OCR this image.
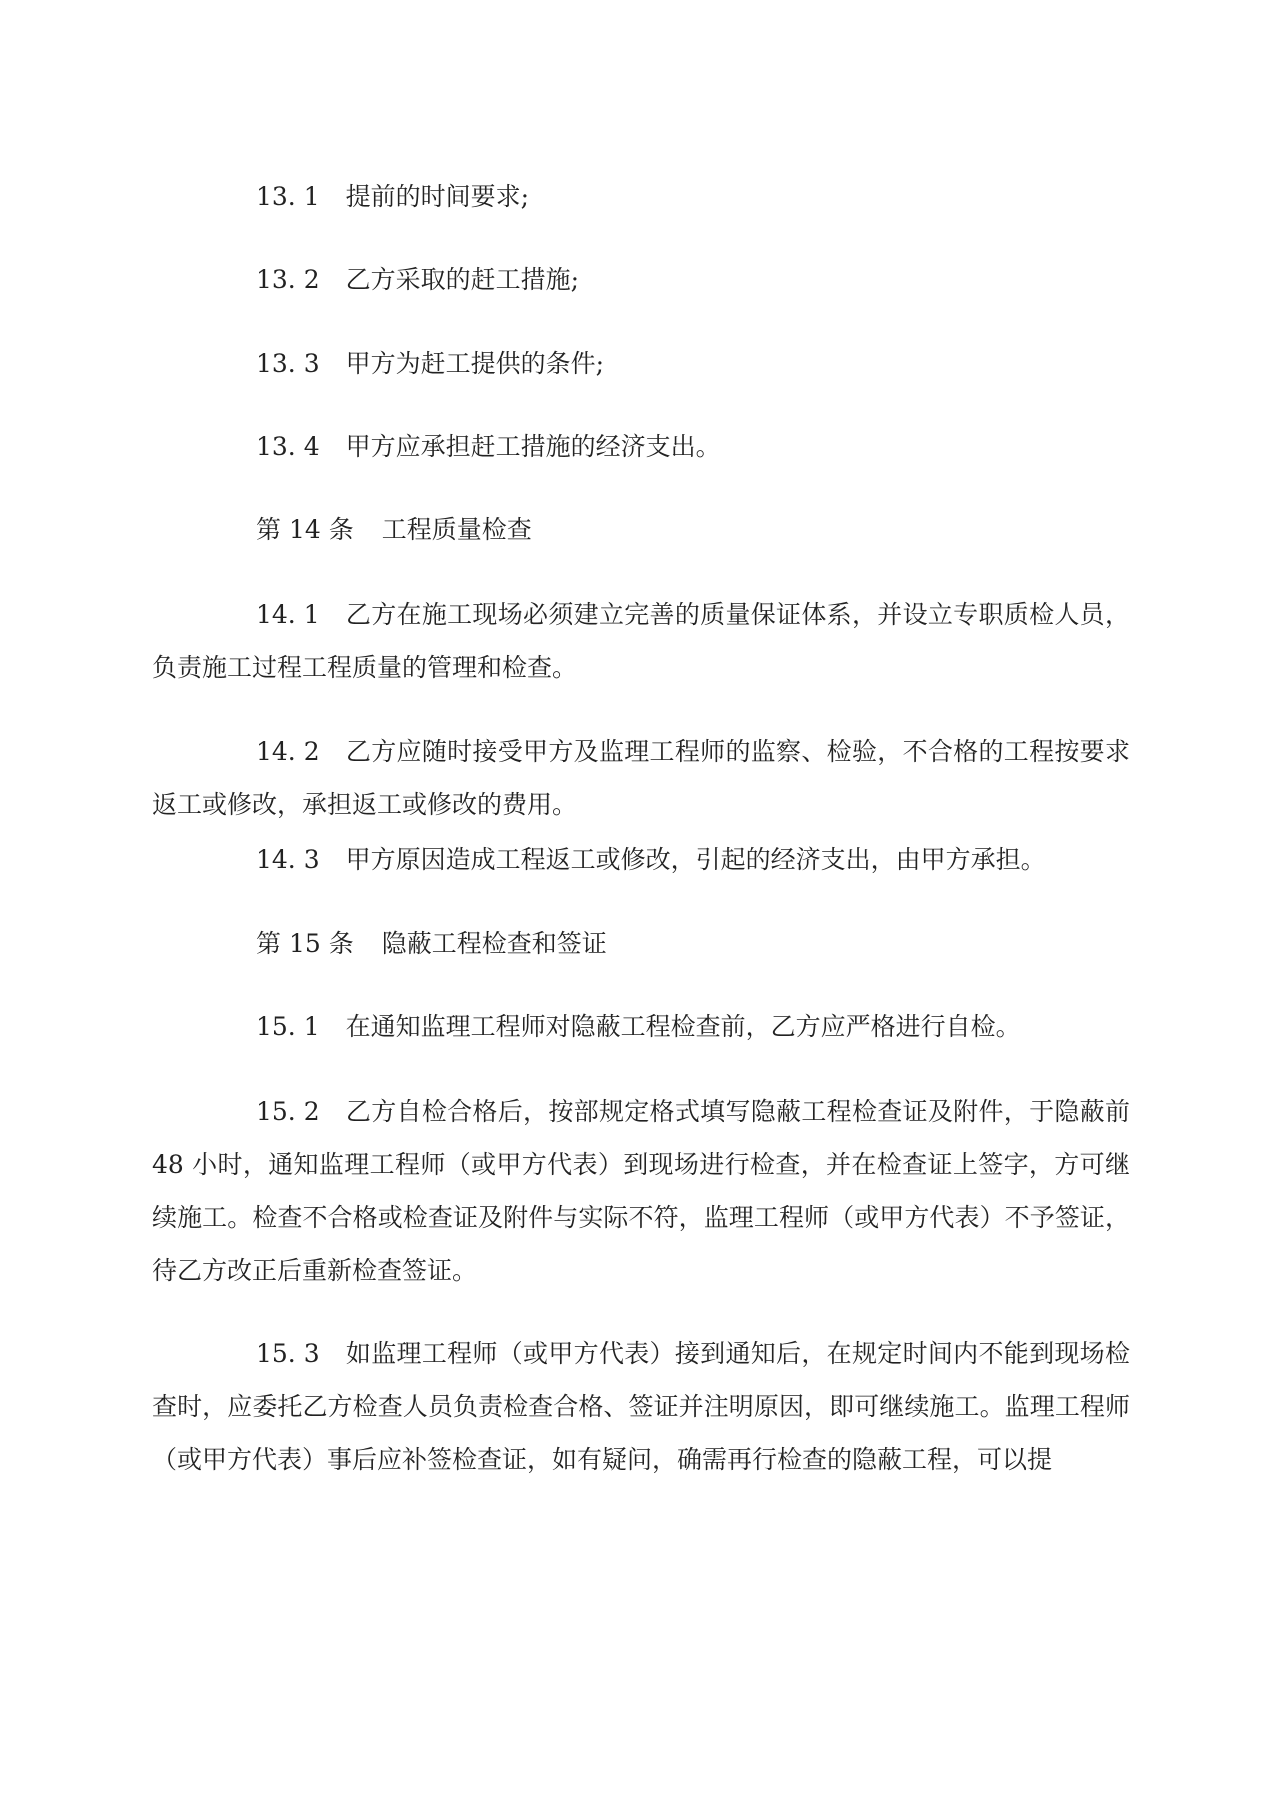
13. 1 提前的时间要求;

13. 2 乙方采取的赶工措施;

13. 3 甲方为赶工提供的条件;

13. 4 甲方应承担赶工措施的经济支出。

第 14 条 工程质量检查

14. 1 乙方在施工现场必须建立完善的质量保证体系，并设立专职质检人员，负责施工过程工程质量的管理和检查。

14. 2 乙方应随时接受甲方及监理工程师的监察、检验，不合格的工程按要求返工或修改，承担返工或修改的费用。

14. 3 甲方原因造成工程返工或修改，引起的经济支出，由甲方承担。

第 15 条 隐蔽工程检查和签证

15. 1 在通知监理工程师对隐蔽工程检查前，乙方应严格进行自检。

15. 2 乙方自检合格后，按部规定格式填写隐蔽工程检查证及附件，于隐蔽前 48 小时，通知监理工程师（或甲方代表）到现场进行检查，并在检查证上签字，方可继续施工。检查不合格或检查证及附件与实际不符，监理工程师（或甲方代表）不予签证，待乙方改正后重新检查签证。

15. 3 如监理工程师（或甲方代表）接到通知后，在规定时间内不能到现场检查时，应委托乙方检查人员负责检查合格、签证并注明原因，即可继续施工。监理工程师（或甲方代表）事后应补签检查证，如有疑问，确需再行检查的隐蔽工程，可以提
